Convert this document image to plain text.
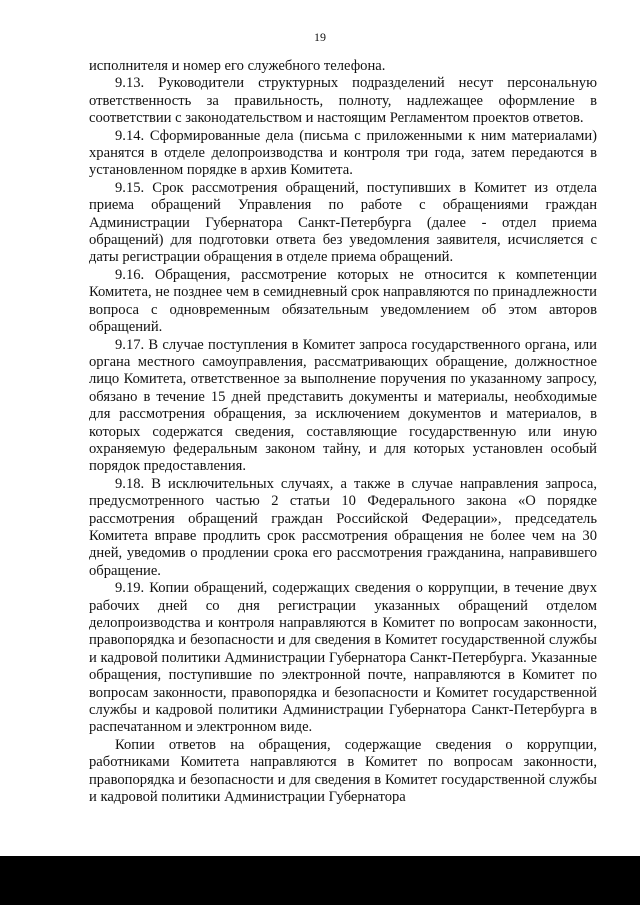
19

исполнителя и номер его служебного телефона.

9.13. Руководители структурных подразделений несут персональную ответственность за правильность, полноту, надлежащее оформление в соответствии с законодательством и настоящим Регламентом проектов ответов.

9.14. Сформированные дела (письма с приложенными к ним материалами) хранятся в отделе делопроизводства и контроля три года, затем передаются в установленном порядке в архив Комитета.

9.15. Срок рассмотрения обращений, поступивших в Комитет из отдела приема обращений Управления по работе с обращениями граждан Администрации Губернатора Санкт-Петербурга (далее - отдел приема обращений) для подготовки ответа без уведомления заявителя, исчисляется с даты регистрации обращения в отделе приема обращений.

9.16. Обращения, рассмотрение которых не относится к компетенции Комитета, не позднее чем в семидневный срок направляются по принадлежности вопроса с одновременным обязательным уведомлением об этом авторов обращений.

9.17. В случае поступления в Комитет запроса государственного органа, или органа местного самоуправления, рассматривающих обращение, должностное лицо Комитета, ответственное за выполнение поручения по указанному запросу, обязано в течение 15 дней представить документы и материалы, необходимые для рассмотрения обращения, за исключением документов и материалов, в которых содержатся сведения, составляющие государственную или иную охраняемую федеральным законом тайну, и для которых установлен особый порядок предоставления.

9.18. В исключительных случаях, а также в случае направления запроса, предусмотренного частью 2 статьи 10 Федерального закона «О порядке рассмотрения обращений граждан Российской Федерации», председатель Комитета вправе продлить срок рассмотрения обращения не более чем на 30 дней, уведомив о продлении срока его рассмотрения гражданина, направившего обращение.

9.19. Копии обращений, содержащих сведения о коррупции, в течение двух рабочих дней со дня регистрации указанных обращений отделом делопроизводства и контроля направляются в Комитет по вопросам законности, правопорядка и безопасности и для сведения в Комитет государственной службы и кадровой политики Администрации Губернатора Санкт-Петербурга. Указанные обращения, поступившие по электронной почте, направляются в Комитет по вопросам законности, правопорядка и безопасности и Комитет государственной службы и кадровой политики Администрации Губернатора Санкт-Петербурга в распечатанном и электронном виде.

Копии ответов на обращения, содержащие сведения о коррупции, работниками Комитета направляются в Комитет по вопросам законности, правопорядка и безопасности и для сведения в Комитет государственной службы и кадровой политики Администрации Губернатора
